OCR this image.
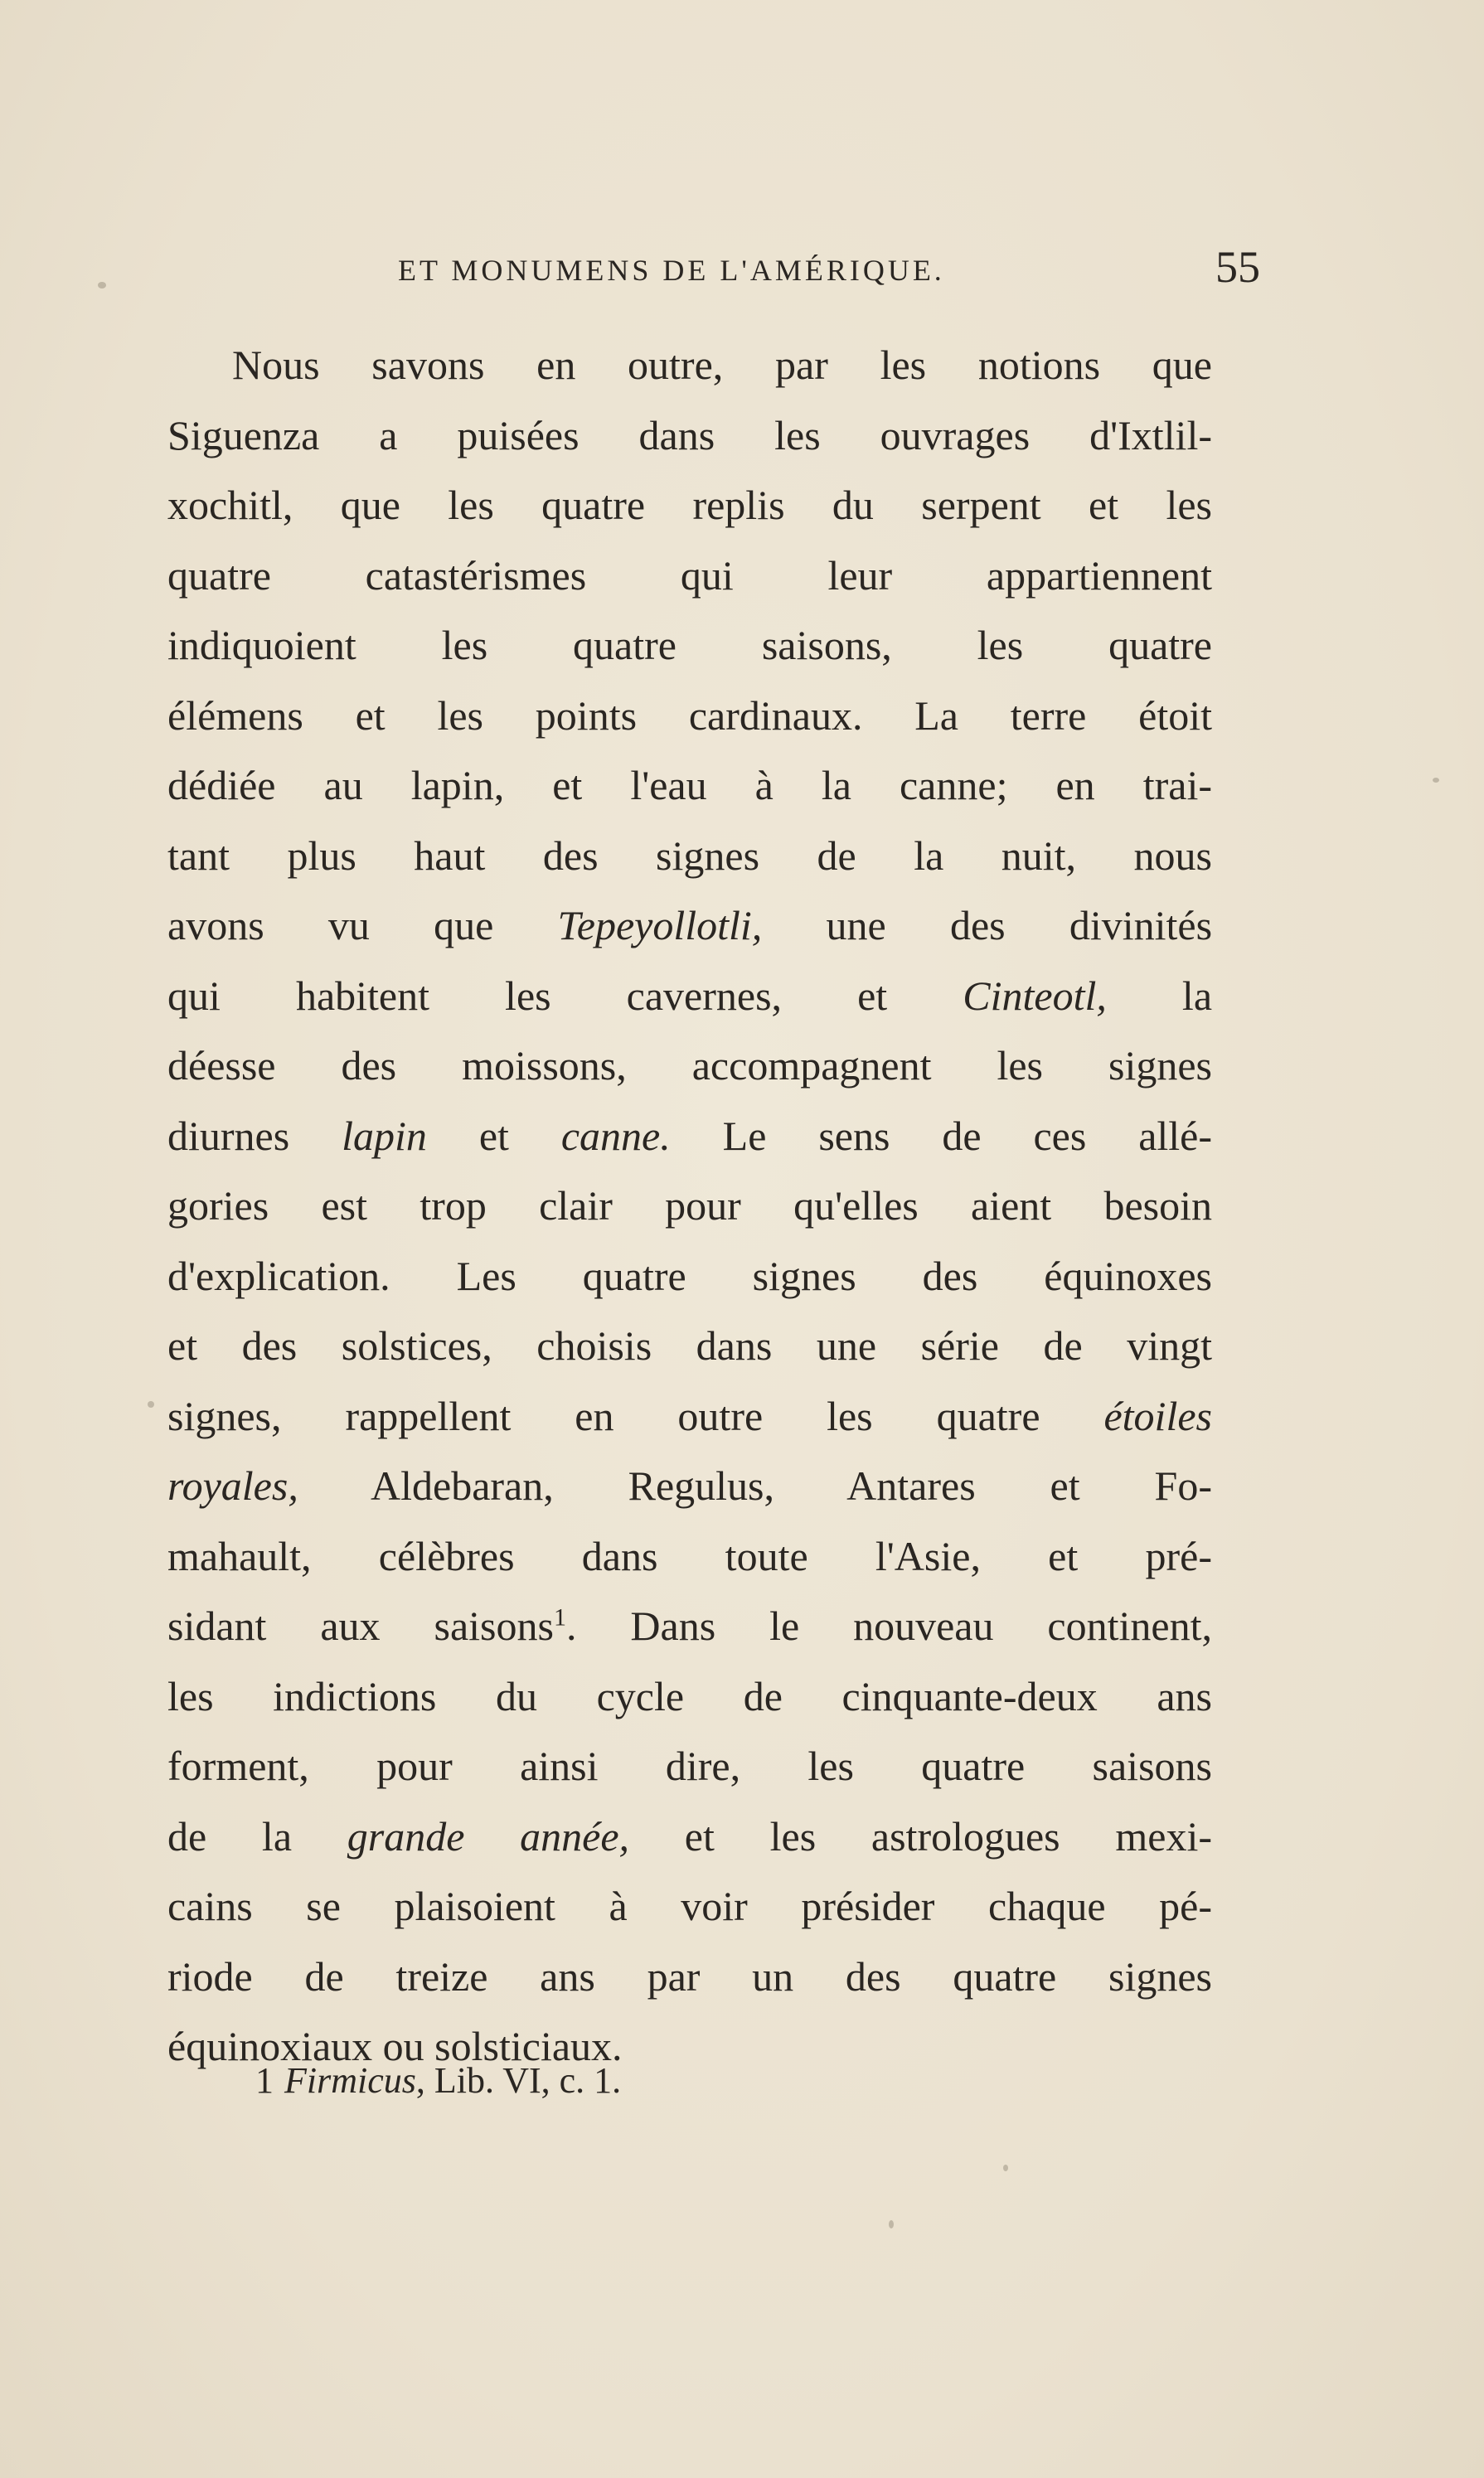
ET MONUMENS DE L'AMÉRIQUE.	55
Nous savons en outre, par les notions que
Siguenza a puisées dans les ouvrages d'Ixtlil-
xochitl, que les quatre replis du serpent et les
quatre catastérismes qui leur appartiennent
indiquoient les quatre saisons, les quatre
élémens et les points cardinaux. La terre étoit
dédiée au lapin, et l'eau à la canne; en trai-
tant plus haut des signes de la nuit, nous
avons vu que Tepeyollotli, une des divinités
qui habitent les cavernes, et Cinteotl, la
déesse des moissons, accompagnent les signes
diurnes lapin et canne. Le sens de ces allé-
gories est trop clair pour qu'elles aient besoin
d'explication. Les quatre signes des équinoxes
et des solstices, choisis dans une série de vingt
signes, rappellent en outre les quatre étoiles
royales, Aldebaran, Regulus, Antares et Fo-
mahault, célèbres dans toute l'Asie, et pré-
sidant aux saisons$^1$. Dans le nouveau continent,
les indictions du cycle de cinquante-deux ans
forment, pour ainsi dire, les quatre saisons
de la grande année, et les astrologues mexi-
cains se plaisoient à voir présider chaque pé-
riode de treize ans par un des quatre signes
équinoxiaux ou solsticiaux.
1 Firmicus, Lib. VI, c. 1.
